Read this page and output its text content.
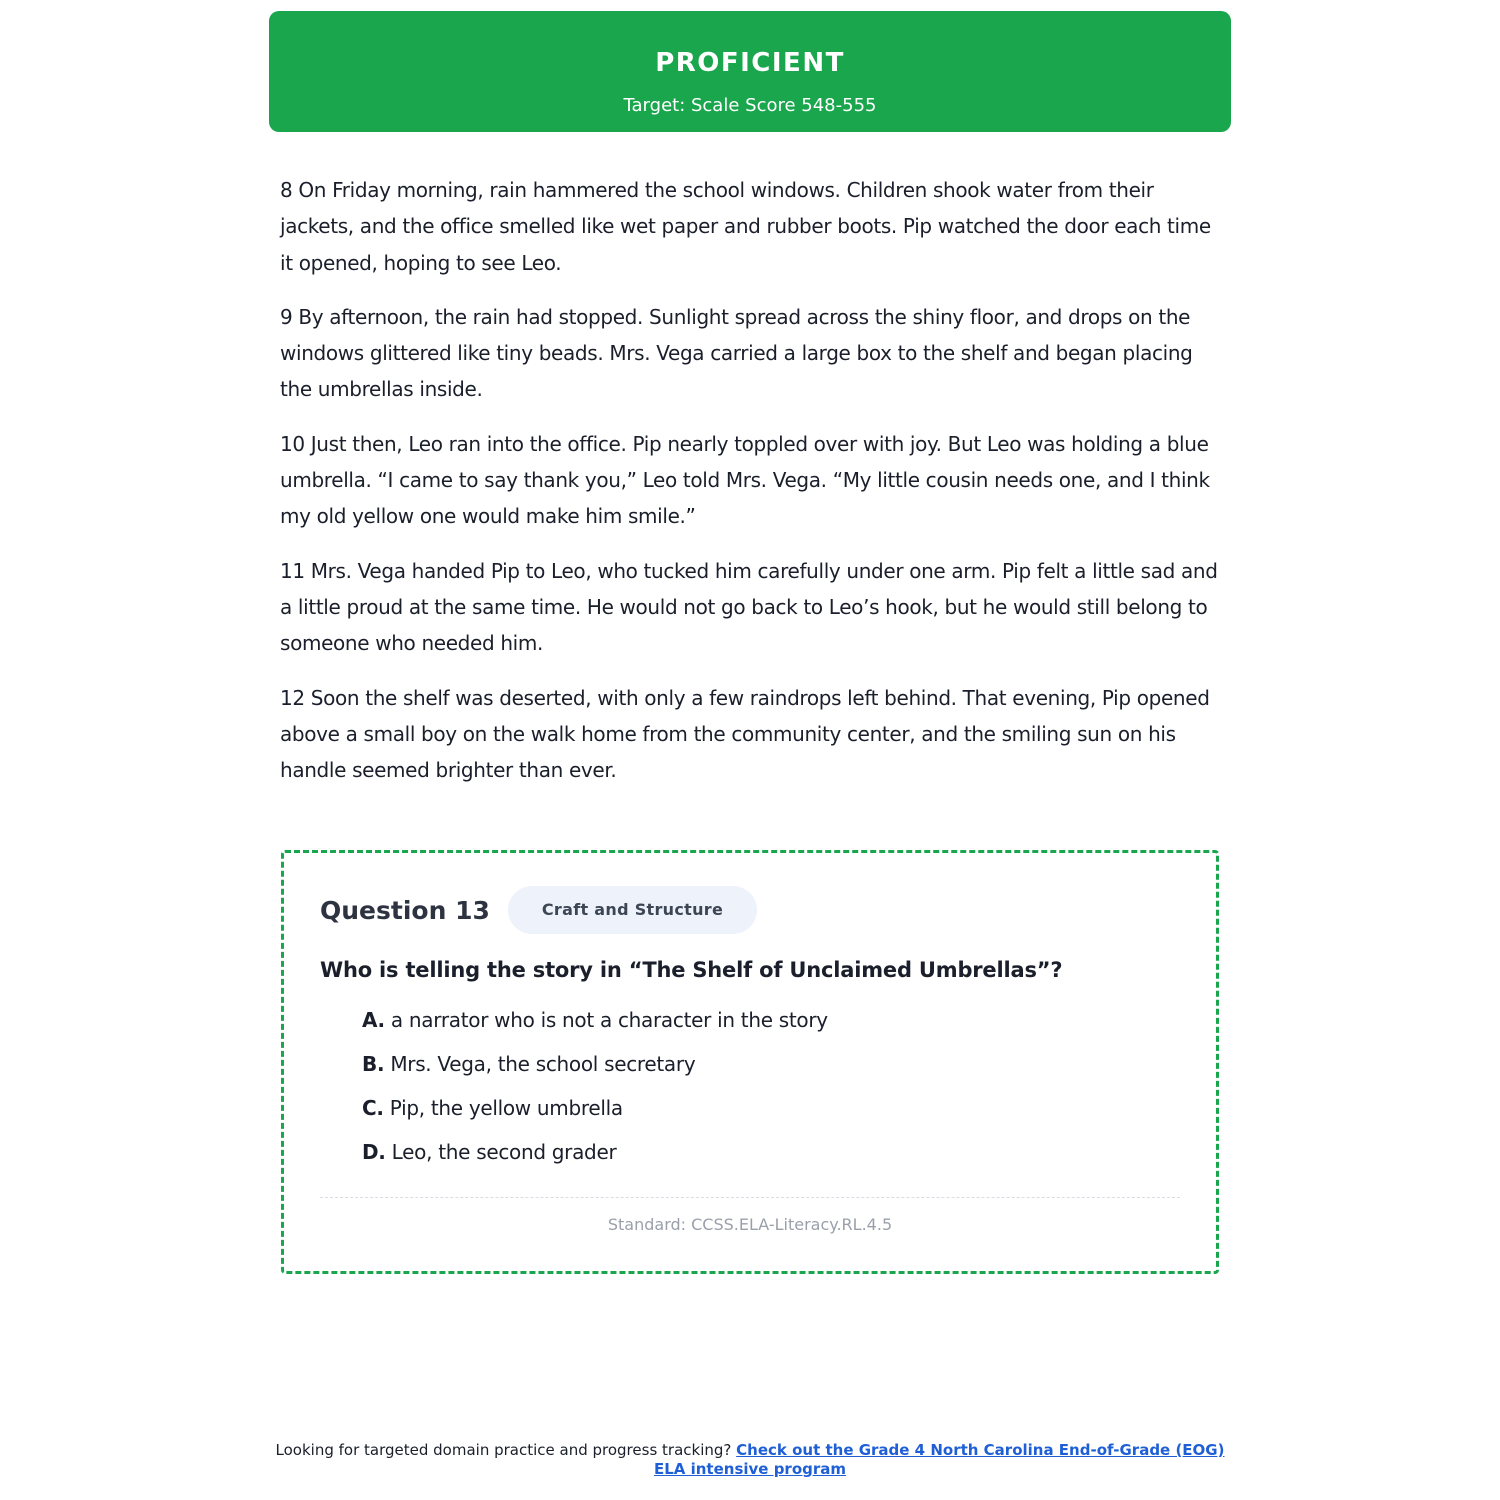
PROFICIENT
Target: Scale Score 548-555

8 On Friday morning, rain hammered the school windows. Children shook water from their jackets, and the office smelled like wet paper and rubber boots. Pip watched the door each time it opened, hoping to see Leo.

9 By afternoon, the rain had stopped. Sunlight spread across the shiny floor, and drops on the windows glittered like tiny beads. Mrs. Vega carried a large box to the shelf and began placing the umbrellas inside.

10 Just then, Leo ran into the office. Pip nearly toppled over with joy. But Leo was holding a blue umbrella. “I came to say thank you,” Leo told Mrs. Vega. “My little cousin needs one, and I think my old yellow one would make him smile.”

11 Mrs. Vega handed Pip to Leo, who tucked him carefully under one arm. Pip felt a little sad and a little proud at the same time. He would not go back to Leo’s hook, but he would still belong to someone who needed him.

12 Soon the shelf was deserted, with only a few raindrops left behind. That evening, Pip opened above a small boy on the walk home from the community center, and the smiling sun on his handle seemed brighter than ever.

Question 13	Craft and Structure
Who is telling the story in “The Shelf of Unclaimed Umbrellas”?
A. a narrator who is not a character in the story
B. Mrs. Vega, the school secretary
C. Pip, the yellow umbrella
D. Leo, the second grader
Standard: CCSS.ELA-Literacy.RL.4.5
Looking for targeted domain practice and progress tracking? Check out the Grade 4 North Carolina End-of-Grade (EOG) ELA intensive program
